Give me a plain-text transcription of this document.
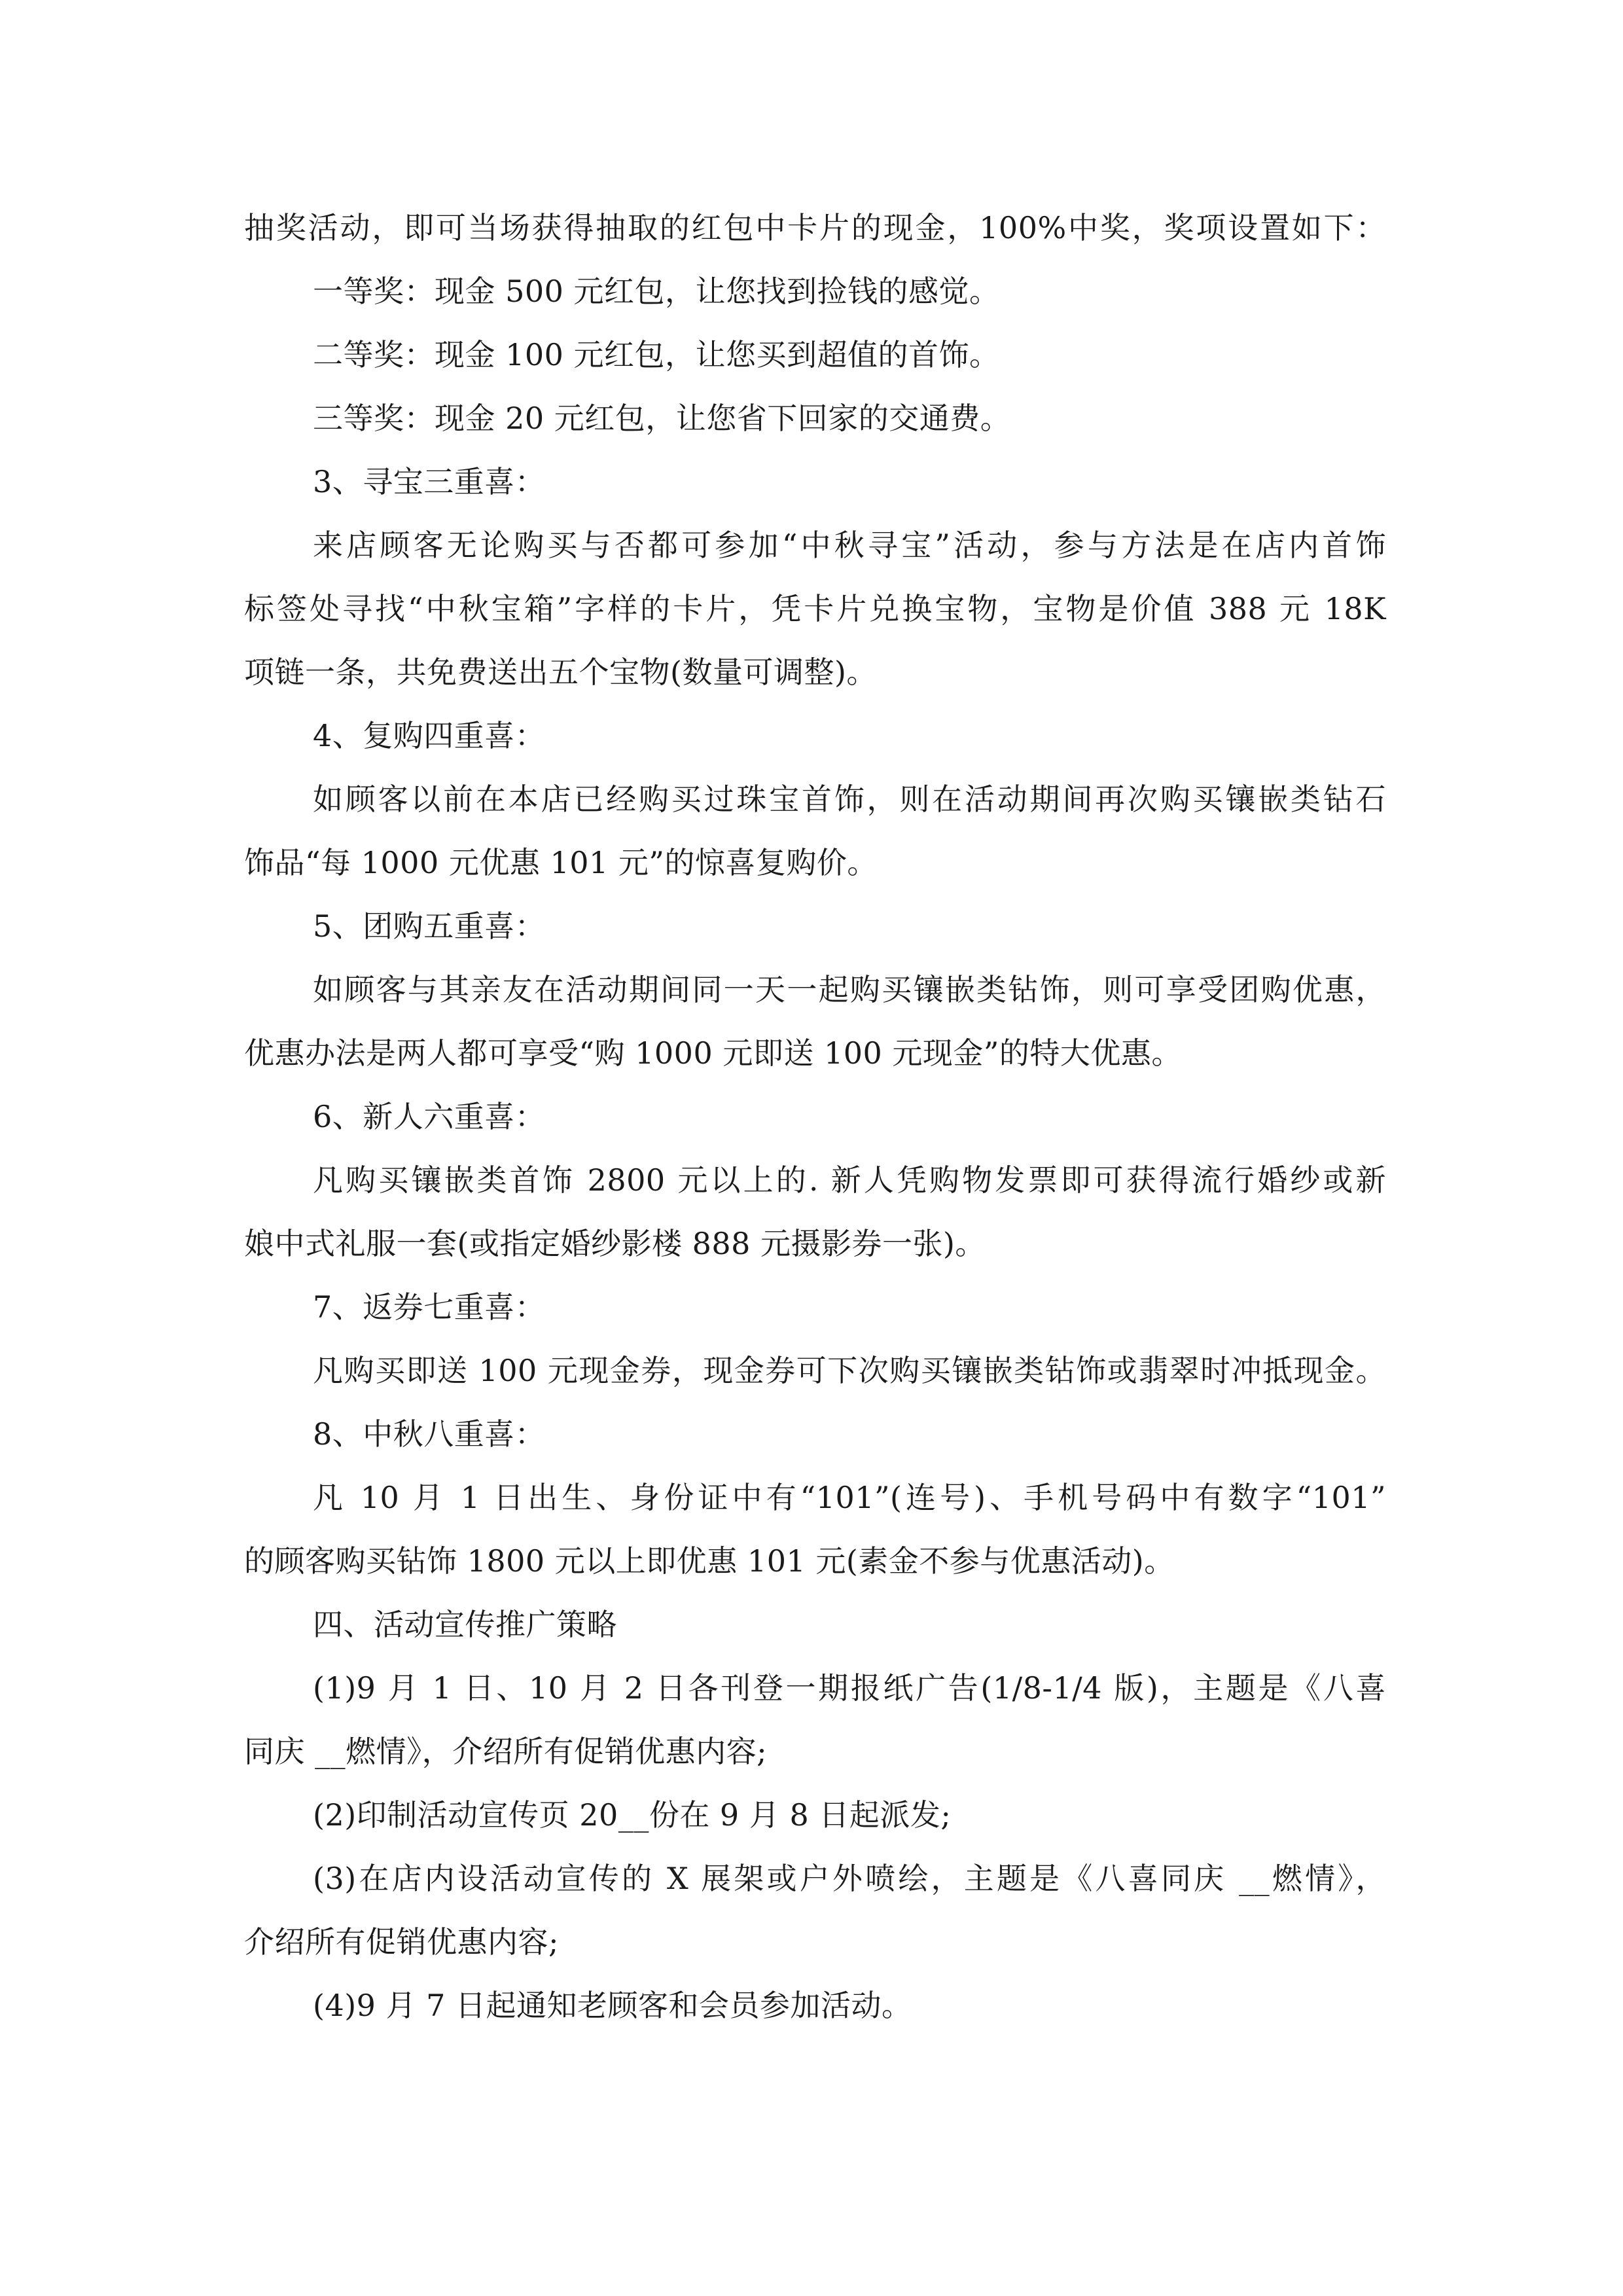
抽奖活动，即可当场获得抽取的红包中卡片的现金，100%中奖，奖项设置如下：
一等奖：现金 500 元红包，让您找到捡钱的感觉。
二等奖：现金 100 元红包，让您买到超值的首饰。
三等奖：现金 20 元红包，让您省下回家的交通费。
3、寻宝三重喜：
来店顾客无论购买与否都可参加“中秋寻宝”活动，参与方法是在店内首饰
标签处寻找“中秋宝箱”字样的卡片，凭卡片兑换宝物，宝物是价值 388 元 18K
项链一条，共免费送出五个宝物(数量可调整)。
4、复购四重喜：
如顾客以前在本店已经购买过珠宝首饰，则在活动期间再次购买镶嵌类钻石
饰品“每 1000 元优惠 101 元”的惊喜复购价。
5、团购五重喜：
如顾客与其亲友在活动期间同一天一起购买镶嵌类钻饰，则可享受团购优惠，
优惠办法是两人都可享受“购 1000 元即送 100 元现金”的特大优惠。
6、新人六重喜：
凡购买镶嵌类首饰 2800 元以上的. 新人凭购物发票即可获得流行婚纱或新
娘中式礼服一套(或指定婚纱影楼 888 元摄影券一张)。
7、返券七重喜：
凡购买即送 100 元现金券，现金券可下次购买镶嵌类钻饰或翡翠时冲抵现金。
8、中秋八重喜：
凡 10 月 1 日出生、身份证中有“101”(连号)、手机号码中有数字“101”
的顾客购买钻饰 1800 元以上即优惠 101 元(素金不参与优惠活动)。
四、活动宣传推广策略
(1)9 月 1 日、10 月 2 日各刊登一期报纸广告(1/8-1/4 版)，主题是《八喜
同庆 __燃情》，介绍所有促销优惠内容;
(2)印制活动宣传页 20__份在 9 月 8 日起派发;
(3)在店内设活动宣传的 X 展架或户外喷绘，主题是《八喜同庆 __燃情》，
介绍所有促销优惠内容;
(4)9 月 7 日起通知老顾客和会员参加活动。
